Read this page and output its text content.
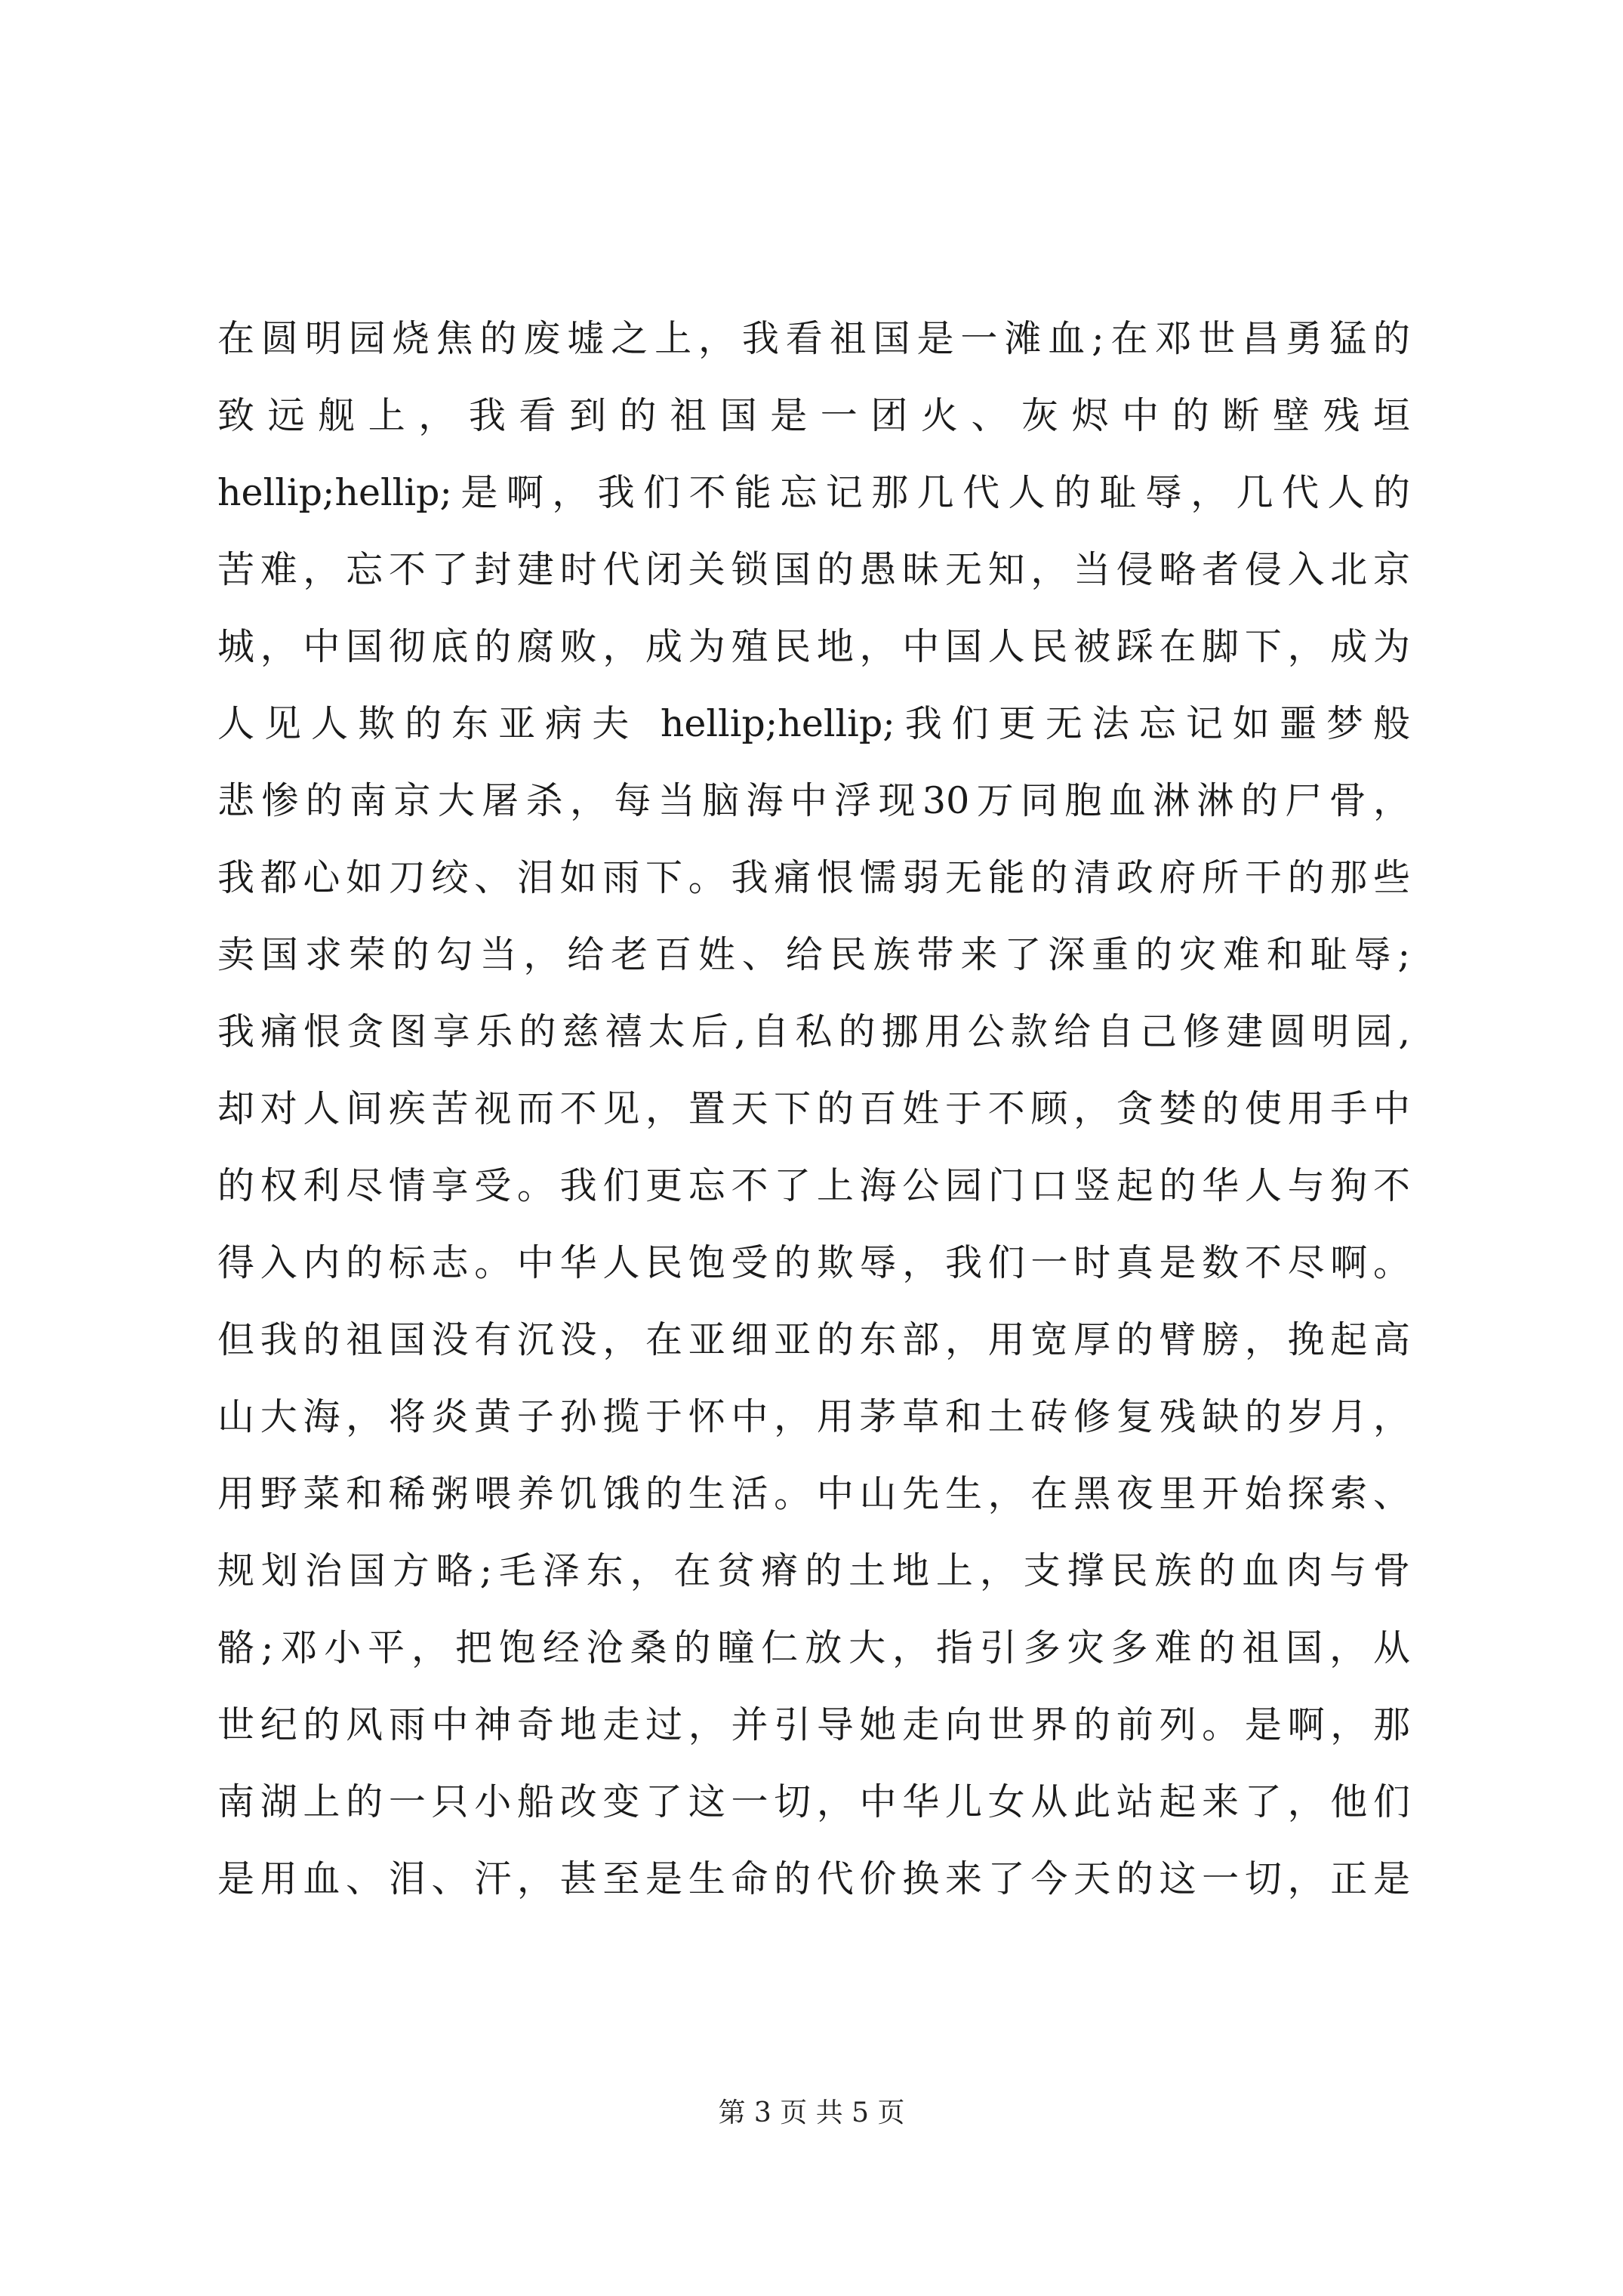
在圆明园烧焦的废墟之上，我看祖国是一滩血;在邓世昌勇猛的
致远舰上，我看到的祖国是一团火、灰烬中的断壁残垣
hellip;hellip;是啊，我们不能忘记那几代人的耻辱，几代人的
苦难，忘不了封建时代闭关锁国的愚昧无知，当侵略者侵入北京
城，中国彻底的腐败，成为殖民地，中国人民被踩在脚下，成为
人见人欺的东亚病夫 hellip;hellip;我们更无法忘记如噩梦般
悲惨的南京大屠杀，每当脑海中浮现30万同胞血淋淋的尸骨，
我都心如刀绞、泪如雨下。我痛恨懦弱无能的清政府所干的那些
卖国求荣的勾当，给老百姓、给民族带来了深重的灾难和耻辱;
我痛恨贪图享乐的慈禧太后,自私的挪用公款给自己修建圆明园,
却对人间疾苦视而不见，置天下的百姓于不顾，贪婪的使用手中
的权利尽情享受。我们更忘不了上海公园门口竖起的华人与狗不
得入内的标志。中华人民饱受的欺辱，我们一时真是数不尽啊。
但我的祖国没有沉没，在亚细亚的东部，用宽厚的臂膀，挽起高
山大海，将炎黄子孙揽于怀中，用茅草和土砖修复残缺的岁月，
用野菜和稀粥喂养饥饿的生活。中山先生，在黑夜里开始探索、
规划治国方略;毛泽东，在贫瘠的土地上，支撑民族的血肉与骨
骼;邓小平，把饱经沧桑的瞳仁放大，指引多灾多难的祖国，从
世纪的风雨中神奇地走过，并引导她走向世界的前列。是啊，那
南湖上的一只小船改变了这一切，中华儿女从此站起来了，他们
是用血、泪、汗，甚至是生命的代价换来了今天的这一切，正是
第 3 页 共 5 页
